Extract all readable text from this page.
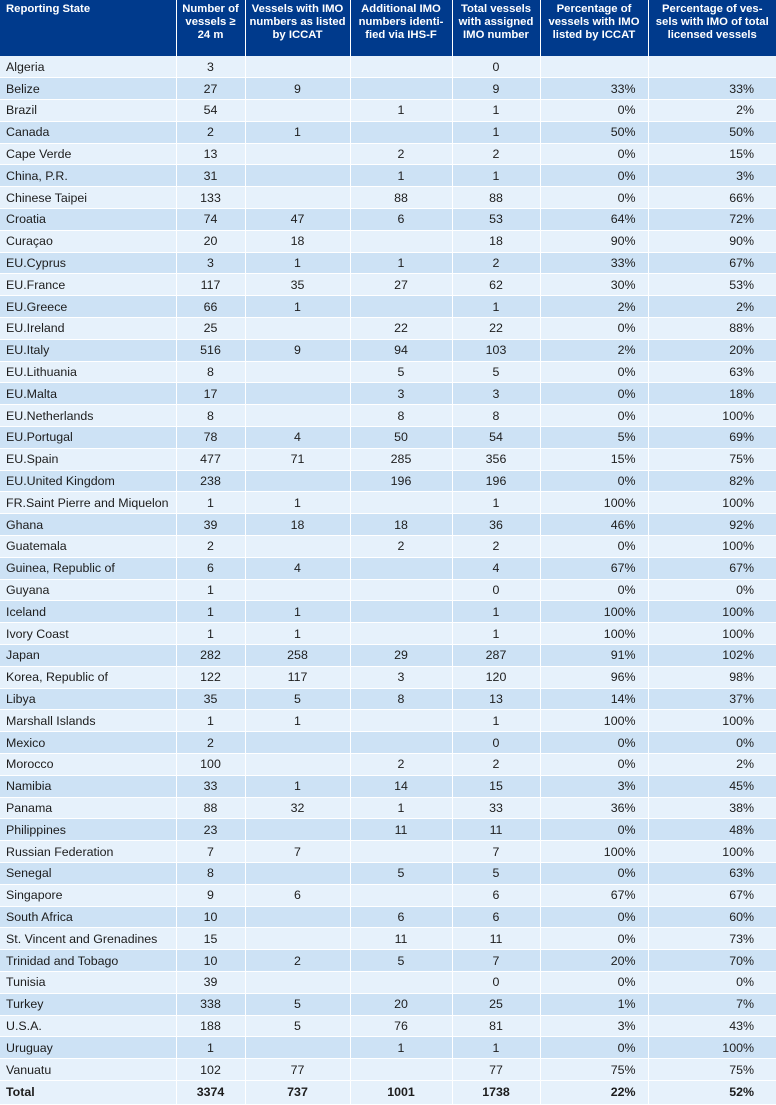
Reporting State	Number of vessels ≥ 24 m	Vessels with IMO numbers as listed by ICCAT	Additional IMO numbers identi-fied via IHS-F	Total vessels with assigned IMO number	Percentage of vessels with IMO listed by ICCAT	Percentage of ves-sels with IMO of total licensed vessels
Algeria	3			0		
Belize	27	9		9	33%	33%
Brazil	54		1	1	0%	2%
Canada	2	1		1	50%	50%
Cape Verde	13		2	2	0%	15%
China, P.R.	31		1	1	0%	3%
Chinese Taipei	133		88	88	0%	66%
Croatia	74	47	6	53	64%	72%
Curaçao	20	18		18	90%	90%
EU.Cyprus	3	1	1	2	33%	67%
EU.France	117	35	27	62	30%	53%
EU.Greece	66	1		1	2%	2%
EU.Ireland	25		22	22	0%	88%
EU.Italy	516	9	94	103	2%	20%
EU.Lithuania	8		5	5	0%	63%
EU.Malta	17		3	3	0%	18%
EU.Netherlands	8		8	8	0%	100%
EU.Portugal	78	4	50	54	5%	69%
EU.Spain	477	71	285	356	15%	75%
EU.United Kingdom	238		196	196	0%	82%
FR.Saint Pierre and Miquelon	1	1		1	100%	100%
Ghana	39	18	18	36	46%	92%
Guatemala	2		2	2	0%	100%
Guinea, Republic of	6	4		4	67%	67%
Guyana	1			0	0%	0%
Iceland	1	1		1	100%	100%
Ivory Coast	1	1		1	100%	100%
Japan	282	258	29	287	91%	102%
Korea, Republic of	122	117	3	120	96%	98%
Libya	35	5	8	13	14%	37%
Marshall Islands	1	1		1	100%	100%
Mexico	2			0	0%	0%
Morocco	100		2	2	0%	2%
Namibia	33	1	14	15	3%	45%
Panama	88	32	1	33	36%	38%
Philippines	23		11	11	0%	48%
Russian Federation	7	7		7	100%	100%
Senegal	8		5	5	0%	63%
Singapore	9	6		6	67%	67%
South Africa	10		6	6	0%	60%
St. Vincent and Grenadines	15		11	11	0%	73%
Trinidad and Tobago	10	2	5	7	20%	70%
Tunisia	39			0	0%	0%
Turkey	338	5	20	25	1%	7%
U.S.A.	188	5	76	81	3%	43%
Uruguay	1		1	1	0%	100%
Vanuatu	102	77		77	75%	75%
Total	3374	737	1001	1738	22%	52%
